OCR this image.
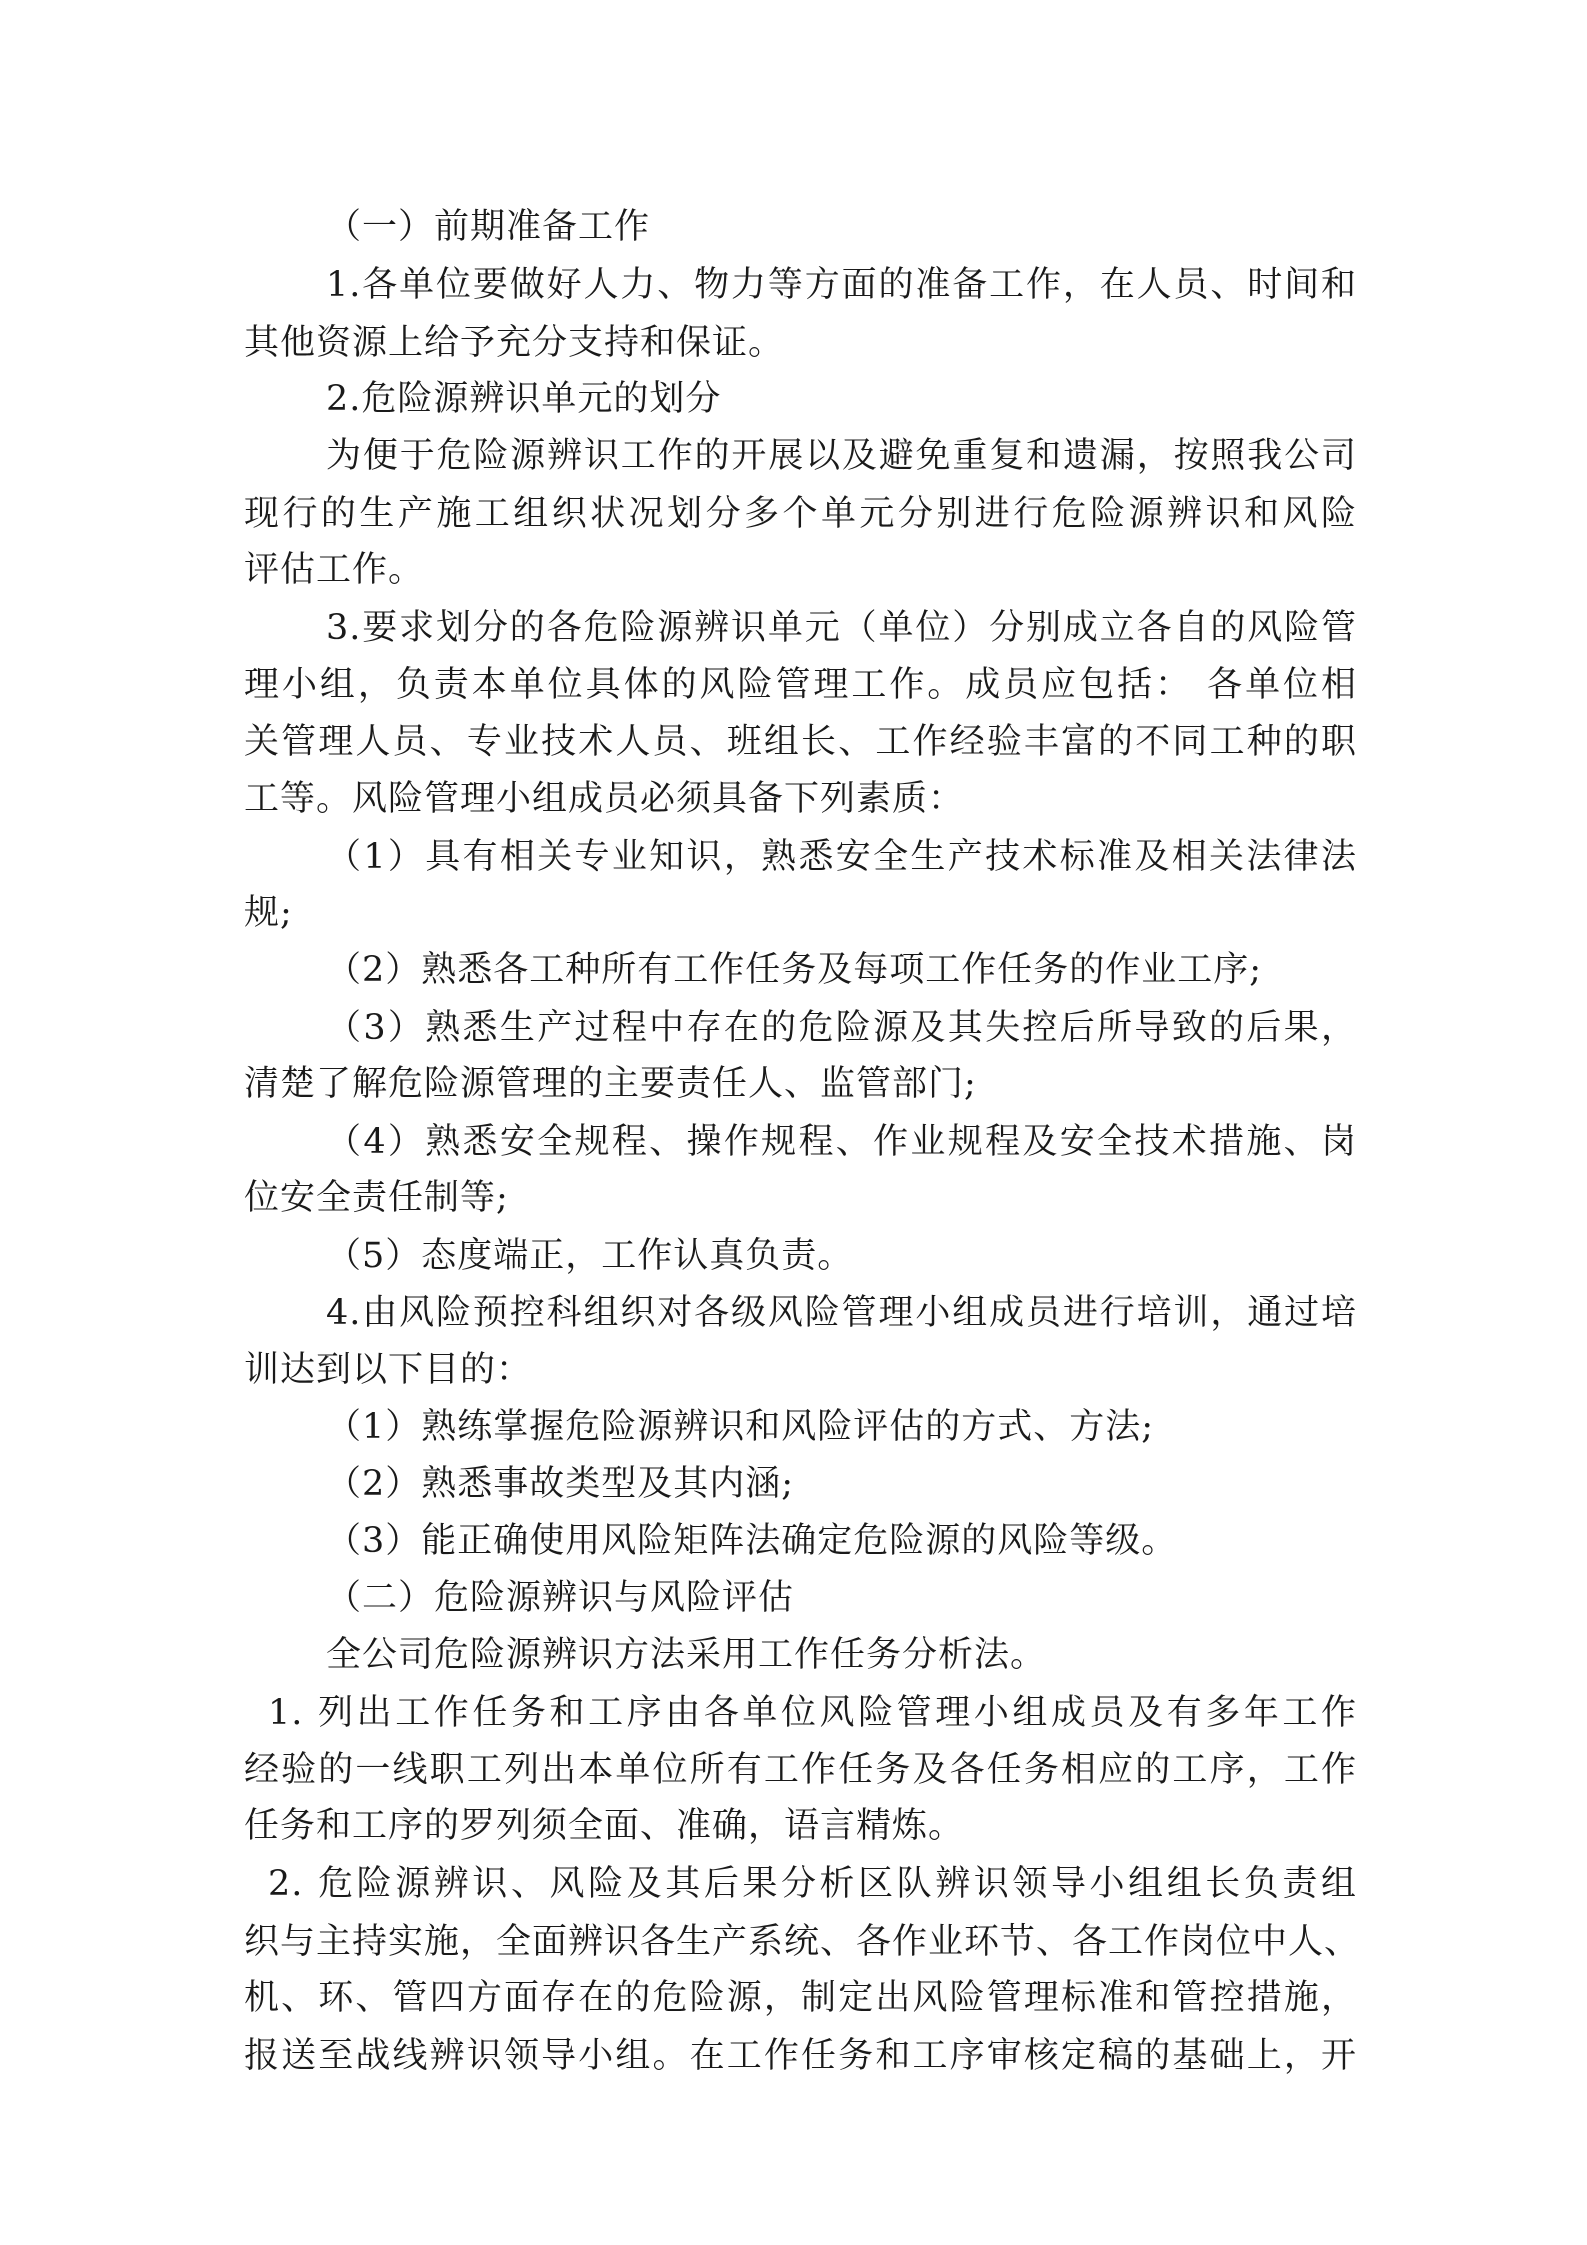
（一）前期准备工作
1.各单位要做好人力、物力等方面的准备工作，在人员、时间和
其他资源上给予充分支持和保证。
2.危险源辨识单元的划分
为便于危险源辨识工作的开展以及避免重复和遗漏，按照我公司
现行的生产施工组织状况划分多个单元分别进行危险源辨识和风险
评估工作。
3.要求划分的各危险源辨识单元（单位）分别成立各自的风险管
理小组，负责本单位具体的风险管理工作。成员应包括： 各单位相
关管理人员、专业技术人员、班组长、工作经验丰富的不同工种的职
工等。风险管理小组成员必须具备下列素质：
（1）具有相关专业知识，熟悉安全生产技术标准及相关法律法
规;
（2）熟悉各工种所有工作任务及每项工作任务的作业工序;
（3）熟悉生产过程中存在的危险源及其失控后所导致的后果，
清楚了解危险源管理的主要责任人、监管部门;
（4）熟悉安全规程、操作规程、作业规程及安全技术措施、岗
位安全责任制等;
（5）态度端正，工作认真负责。
4.由风险预控科组织对各级风险管理小组成员进行培训，通过培
训达到以下目的：
（1）熟练掌握危险源辨识和风险评估的方式、方法;
（2）熟悉事故类型及其内涵;
（3）能正确使用风险矩阵法确定危险源的风险等级。
（二）危险源辨识与风险评估
全公司危险源辨识方法采用工作任务分析法。
1. 列出工作任务和工序由各单位风险管理小组成员及有多年工作
经验的一线职工列出本单位所有工作任务及各任务相应的工序，工作
任务和工序的罗列须全面、准确，语言精炼。
2. 危险源辨识、风险及其后果分析区队辨识领导小组组长负责组
织与主持实施，全面辨识各生产系统、各作业环节、各工作岗位中人、
机、环、管四方面存在的危险源，制定出风险管理标准和管控措施，
报送至战线辨识领导小组。在工作任务和工序审核定稿的基础上，开
